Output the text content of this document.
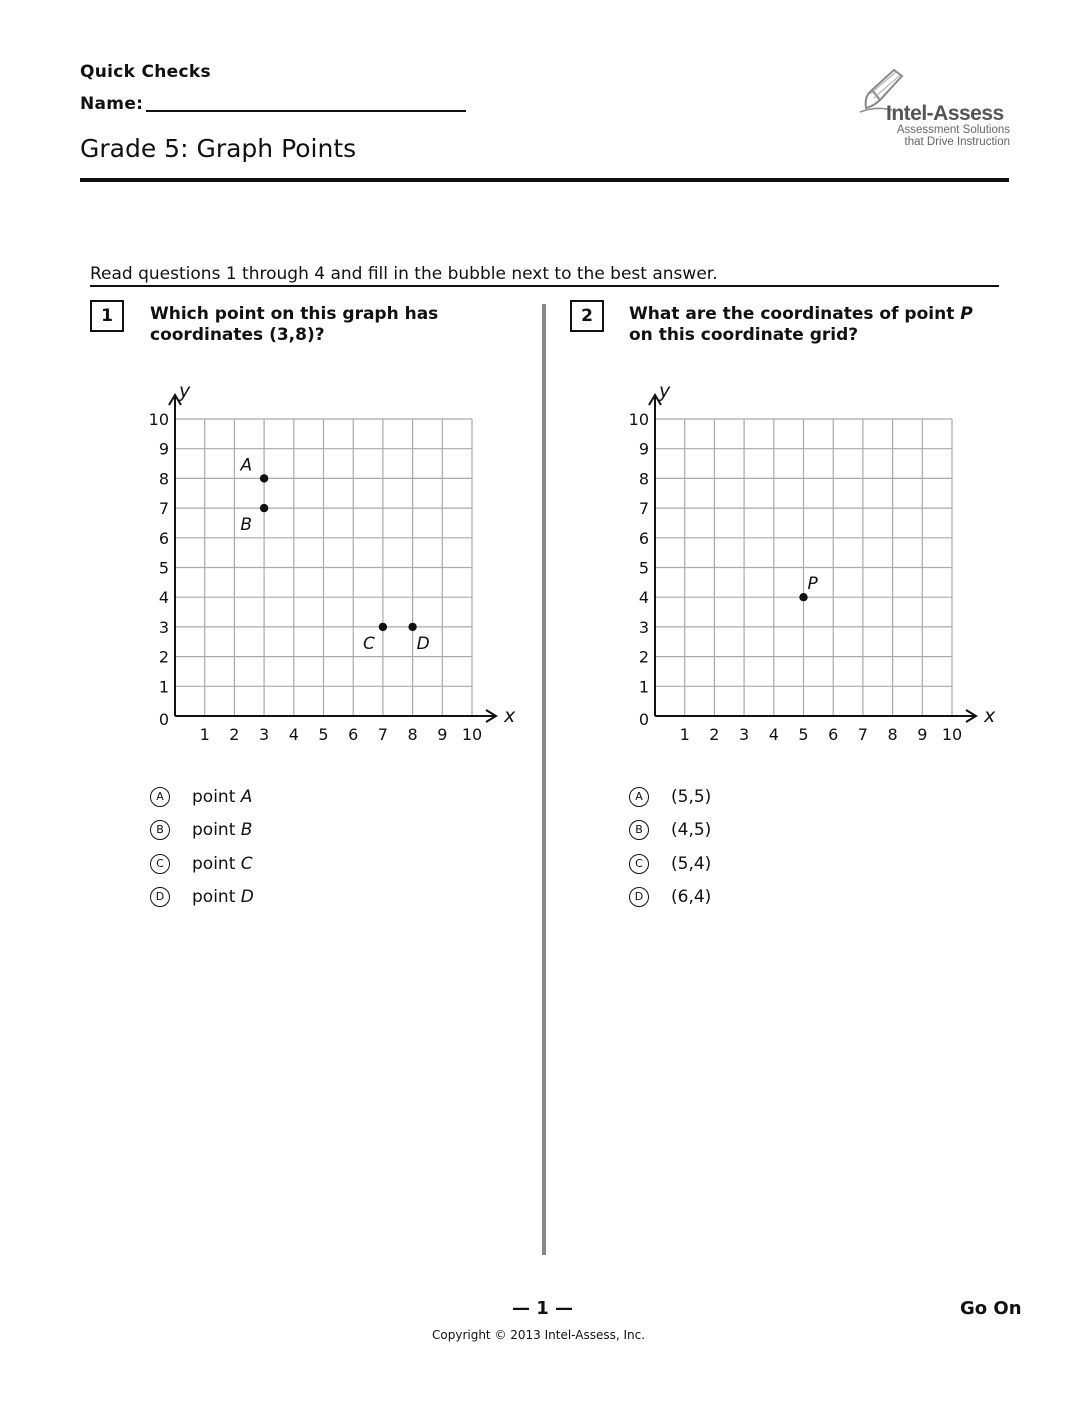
Quick Checks
Name:
Grade 5: Graph Points
Intel-Assess
Assessment Solutions
that Drive Instruction
Read questions 1 through 4 and fill in the bubble next to the best answer.
1	Which point on this graph has
coordinates (3,8)?
x
y
1 2 3 4 5 6 7 8 9 10
0
1
2
3
4
5
6
7
8
9
10
A
B
C D
A	point A
B	point B
C	point C
D	point D
2	What are the coordinates of point P
on this coordinate grid?
x
y
1 2 3 4 5 6 7 8 9 10
0
1
2
3
4
5
6
7
8
9
10
P
A	(5,5)
B	(4,5)
C	(5,4)
D	(6,4)
— 1 —
Copyright © 2013 Intel-Assess, Inc.
Go On
